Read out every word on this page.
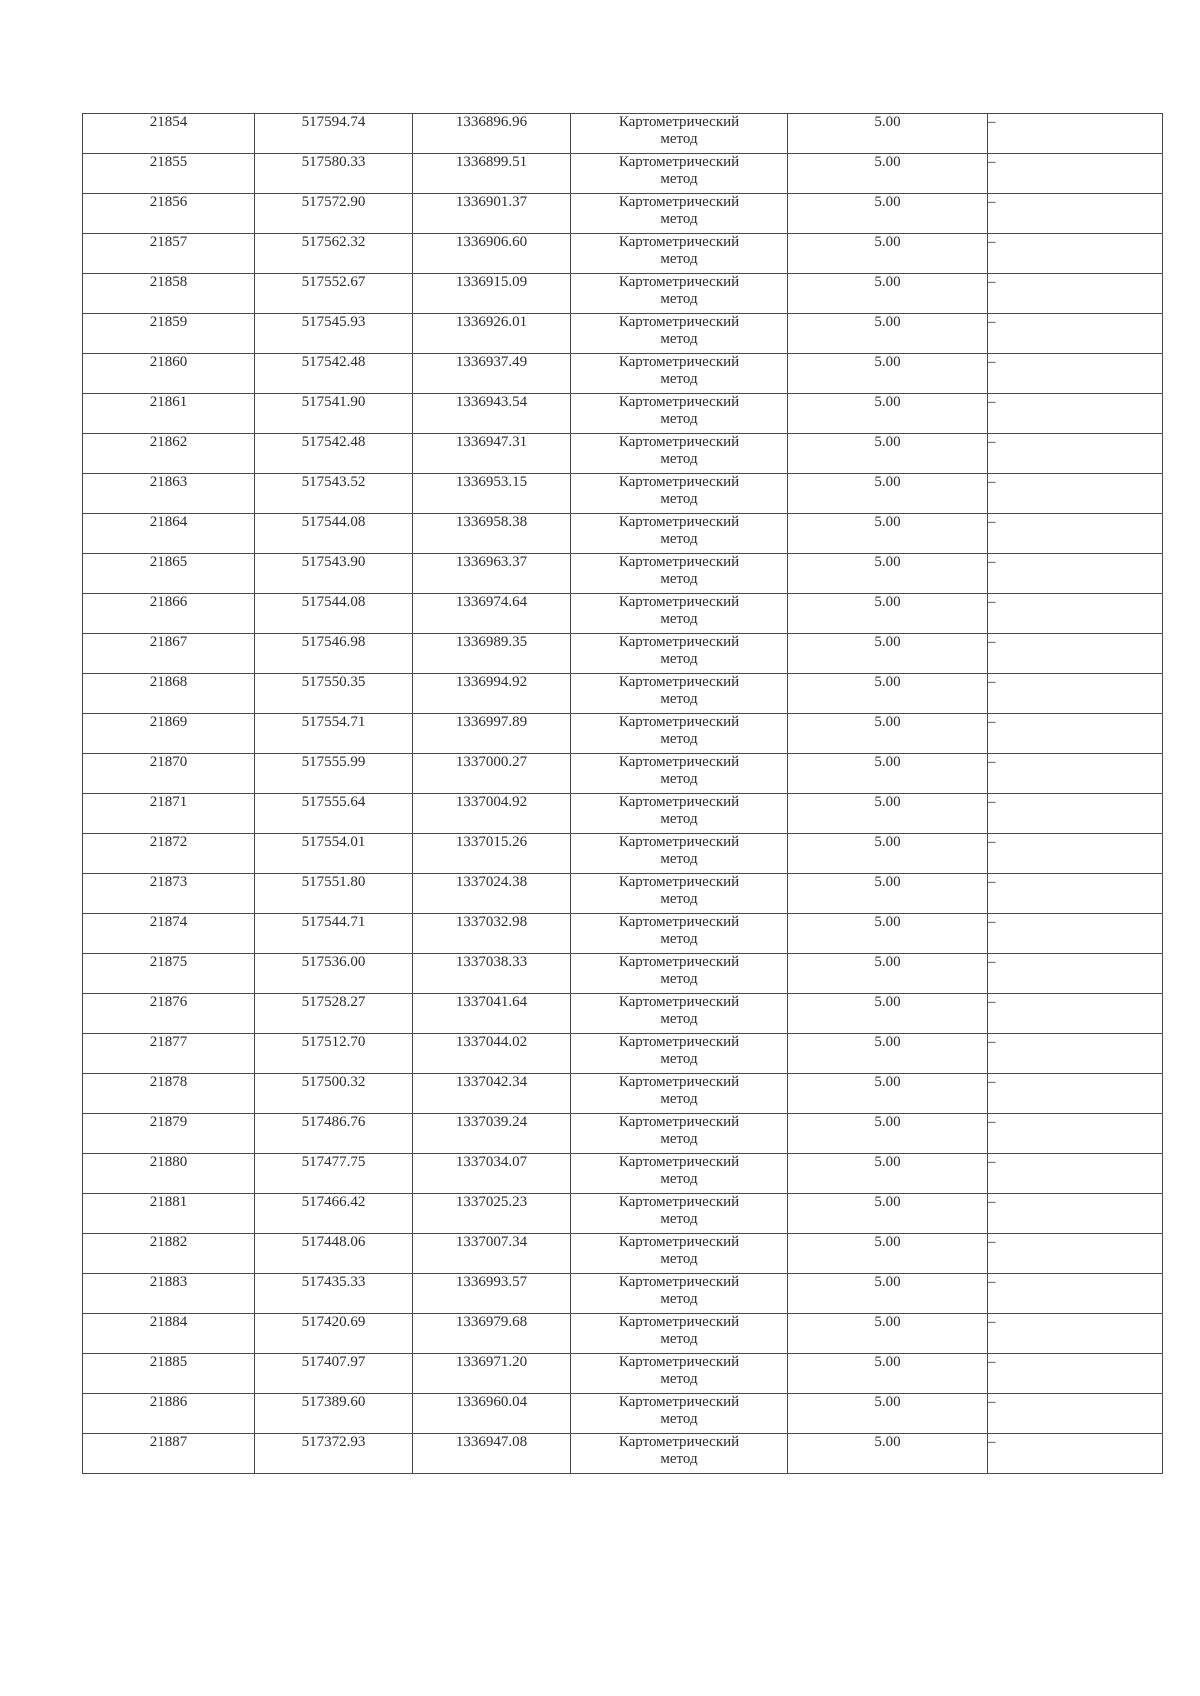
21854	517594.74	1336896.96	Картометрический
метод	5.00	–
21855	517580.33	1336899.51	Картометрический
метод	5.00	–
21856	517572.90	1336901.37	Картометрический
метод	5.00	–
21857	517562.32	1336906.60	Картометрический
метод	5.00	–
21858	517552.67	1336915.09	Картометрический
метод	5.00	–
21859	517545.93	1336926.01	Картометрический
метод	5.00	–
21860	517542.48	1336937.49	Картометрический
метод	5.00	–
21861	517541.90	1336943.54	Картометрический
метод	5.00	–
21862	517542.48	1336947.31	Картометрический
метод	5.00	–
21863	517543.52	1336953.15	Картометрический
метод	5.00	–
21864	517544.08	1336958.38	Картометрический
метод	5.00	–
21865	517543.90	1336963.37	Картометрический
метод	5.00	–
21866	517544.08	1336974.64	Картометрический
метод	5.00	–
21867	517546.98	1336989.35	Картометрический
метод	5.00	–
21868	517550.35	1336994.92	Картометрический
метод	5.00	–
21869	517554.71	1336997.89	Картометрический
метод	5.00	–
21870	517555.99	1337000.27	Картометрический
метод	5.00	–
21871	517555.64	1337004.92	Картометрический
метод	5.00	–
21872	517554.01	1337015.26	Картометрический
метод	5.00	–
21873	517551.80	1337024.38	Картометрический
метод	5.00	–
21874	517544.71	1337032.98	Картометрический
метод	5.00	–
21875	517536.00	1337038.33	Картометрический
метод	5.00	–
21876	517528.27	1337041.64	Картометрический
метод	5.00	–
21877	517512.70	1337044.02	Картометрический
метод	5.00	–
21878	517500.32	1337042.34	Картометрический
метод	5.00	–
21879	517486.76	1337039.24	Картометрический
метод	5.00	–
21880	517477.75	1337034.07	Картометрический
метод	5.00	–
21881	517466.42	1337025.23	Картометрический
метод	5.00	–
21882	517448.06	1337007.34	Картометрический
метод	5.00	–
21883	517435.33	1336993.57	Картометрический
метод	5.00	–
21884	517420.69	1336979.68	Картометрический
метод	5.00	–
21885	517407.97	1336971.20	Картометрический
метод	5.00	–
21886	517389.60	1336960.04	Картометрический
метод	5.00	–
21887	517372.93	1336947.08	Картометрический
метод	5.00	–
